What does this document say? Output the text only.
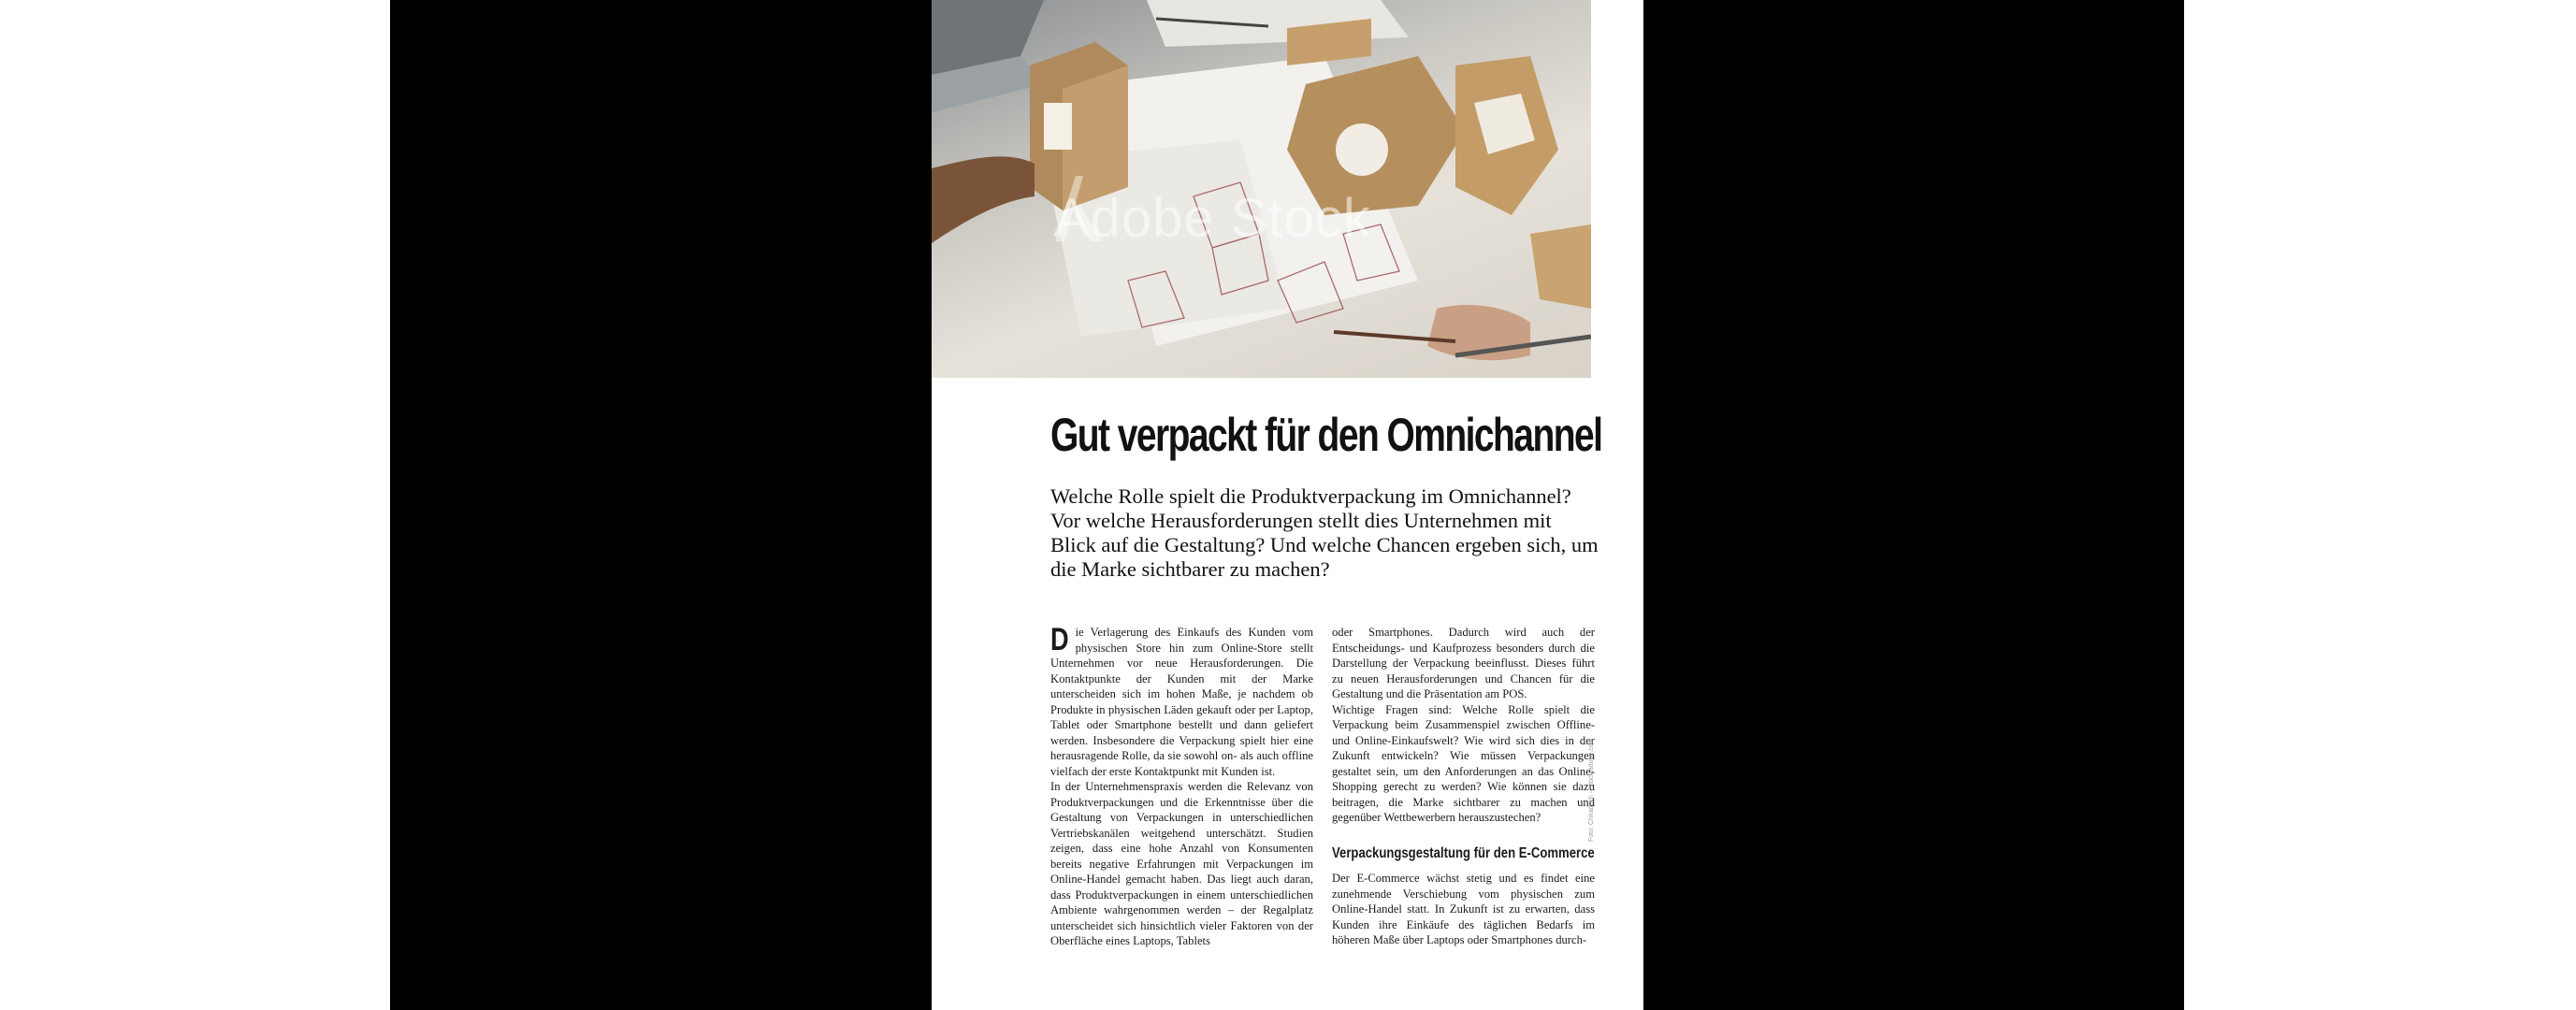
Adobe Stock
Gut verpackt für den Omnichannel
Welche Rolle spielt die Produktverpackung im Omnichannel? Vor welche Herausforderungen stellt dies Unternehmen mit Blick auf die Gestaltung? Und welche Chancen ergeben sich, um die Marke sichtbarer zu machen?

Die Verlagerung des Einkaufs des Kunden vom physischen Store hin zum Online-Store stellt Unternehmen vor neue Herausforderungen. Die Kontaktpunkte der Kunden mit der Marke unterscheiden sich im hohen Maße, je nachdem ob Produkte in physischen Läden gekauft oder per Laptop, Tablet oder Smartphone bestellt und dann geliefert werden. Insbesondere die Verpackung spielt hier eine herausragende Rolle, da sie sowohl on- als auch offline vielfach der erste Kontaktpunkt mit Kunden ist.

In der Unternehmenspraxis werden die Relevanz von Produktverpackungen und die Erkenntnisse über die Gestaltung von Verpackungen in unterschiedlichen Vertriebskanälen weitgehend unterschätzt. Studien zeigen, dass eine hohe Anzahl von Konsumenten bereits negative Erfahrungen mit Verpackungen im Online-Handel gemacht haben. Das liegt auch daran, dass Produktverpackungen in einem unterschiedlichen Ambiente wahrgenommen werden – der Regalplatz unterscheidet sich hinsichtlich vieler Faktoren von der Oberfläche eines Laptops, Tablets

oder Smartphones. Dadurch wird auch der Entscheidungs- und Kaufprozess besonders durch die Darstellung der Verpackung beeinflusst. Dieses führt zu neuen Herausforderungen und Chancen für die Gestaltung und die Präsentation am POS.

Wichtige Fragen sind: Welche Rolle spielt die Verpackung beim Zusammenspiel zwischen Offline- und Online-Einkaufswelt? Wie wird sich dies in der Zukunft entwickeln? Wie müssen Verpackungen gestaltet sein, um den Anforderungen an das Online-Shopping gerecht zu werden? Wie können sie dazu beitragen, die Marke sichtbarer zu machen und gegenüber Wettbewerbern herauszustechen?

Verpackungsgestaltung für den E-Commerce

Der E-Commerce wächst stetig und es findet eine zunehmende Verschiebung vom physischen zum Online-Handel statt. In Zukunft ist zu erwarten, dass Kunden ihre Einkäufe des täglichen Bedarfs im höheren Maße über Laptops oder Smartphones durch-

Foto: Chiradech – stock.adobe.com
